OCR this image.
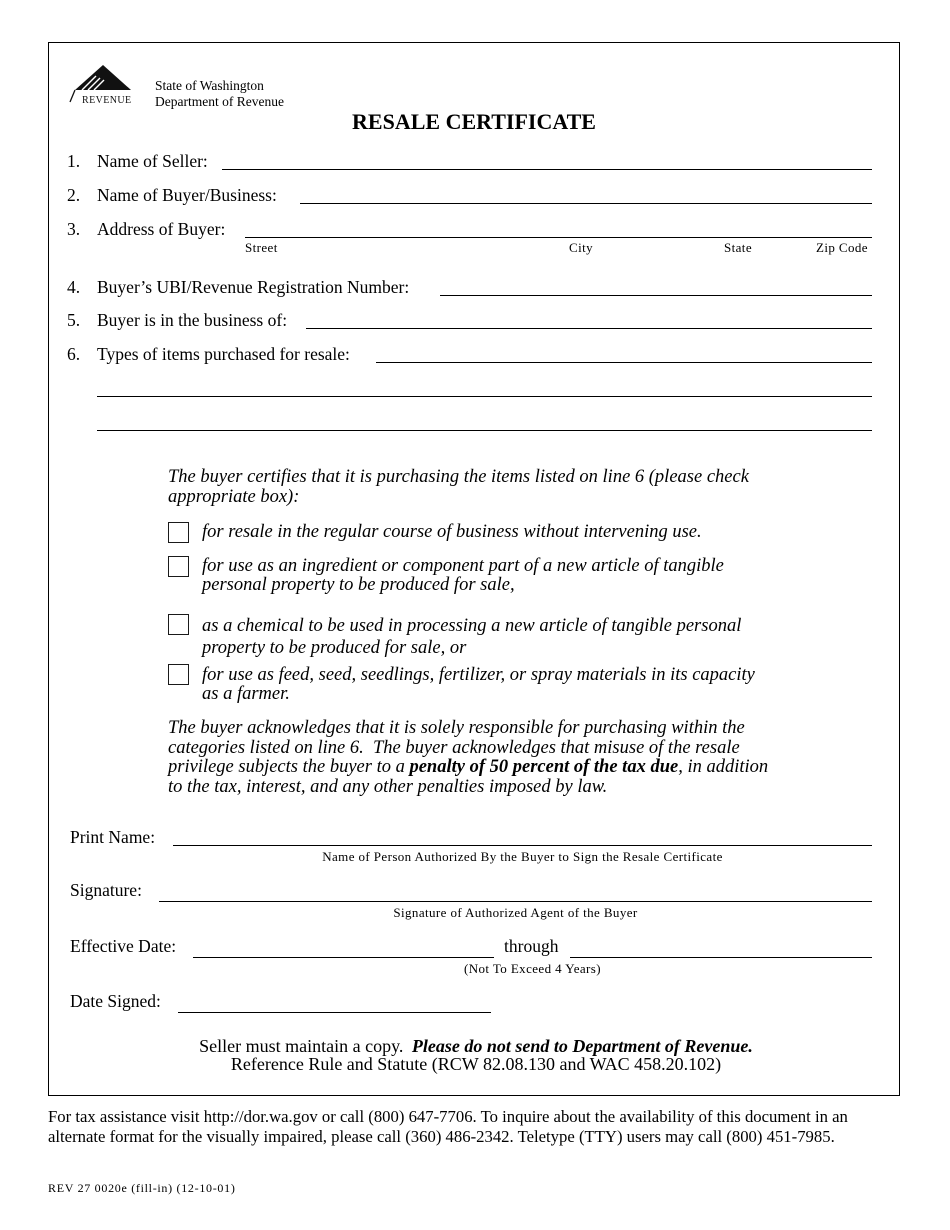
REVENUE
State of Washington
Department of Revenue
RESALE CERTIFICATE
1. Name of Seller:
2. Name of Buyer/Business:
3. Address of Buyer:
Street	City	State	Zip Code
4. Buyer’s UBI/Revenue Registration Number:
5. Buyer is in the business of:
6. Types of items purchased for resale:
The buyer certifies that it is purchasing the items listed on line 6 (please check
appropriate box):
for resale in the regular course of business without intervening use.
for use as an ingredient or component part of a new article of tangible
personal property to be produced for sale,
as a chemical to be used in processing a new article of tangible personal
property to be produced for sale, or
for use as feed, seed, seedlings, fertilizer, or spray materials in its capacity
as a farmer.
The buyer acknowledges that it is solely responsible for purchasing within the
categories listed on line 6.  The buyer acknowledges that misuse of the resale
privilege subjects the buyer to a penalty of 50 percent of the tax due, in addition
to the tax, interest, and any other penalties imposed by law.
Print Name:
Name of Person Authorized By the Buyer to Sign the Resale Certificate
Signature:
Signature of Authorized Agent of the Buyer
Effective Date:	through
(Not To Exceed 4 Years)
Date Signed:
Seller must maintain a copy. Please do not send to Department of Revenue.
Reference Rule and Statute (RCW 82.08.130 and WAC 458.20.102)
For tax assistance visit http://dor.wa.gov or call (800) 647-7706. To inquire about the availability of this document in an
alternate format for the visually impaired, please call (360) 486-2342. Teletype (TTY) users may call (800) 451-7985.
REV 27 0020e (fill-in) (12-10-01)
